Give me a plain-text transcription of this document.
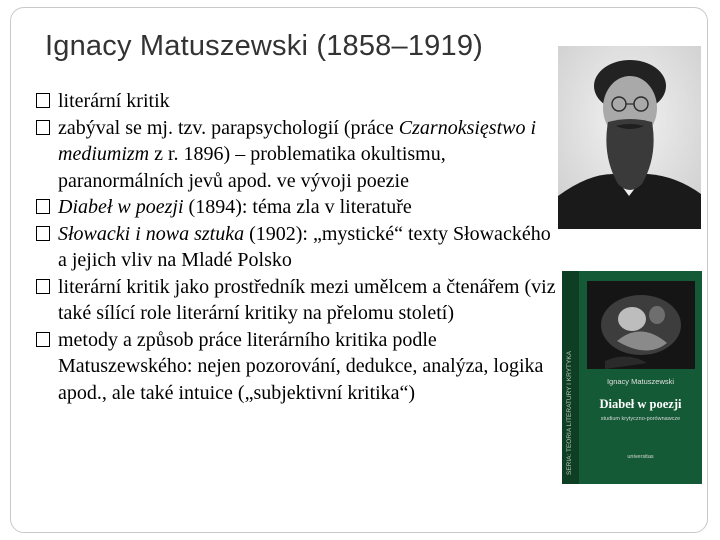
Ignacy Matuszewski (1858–1919)
literární kritik
zabýval se mj. tzv. parapsychologií (práce Czarnoksięstwo i mediumizm z r. 1896) – problematika okultismu, paranormálních jevů apod. ve vývoji poezie
Diabeł w poezji (1894): téma zla v literatuře
Słowacki i nowa sztuka (1902): „mystické“ texty Słowackého a jejich vliv na Mladé Polsko
literární kritik jako prostředník mezi umělcem a čtenářem (viz také sílící role literární kritiky na přelomu století)
metody a způsob práce literárního kritika podle Matuszewského: nejen pozorování, dedukce, analýza, logika apod., ale také intuice („subjektivní kritika“)	SERIA: TEORIA LITERATURY I KRYTYKA	Ignacy Matuszewski
Diabeł w poezji
studium krytyczno-porównawcze
universitas
